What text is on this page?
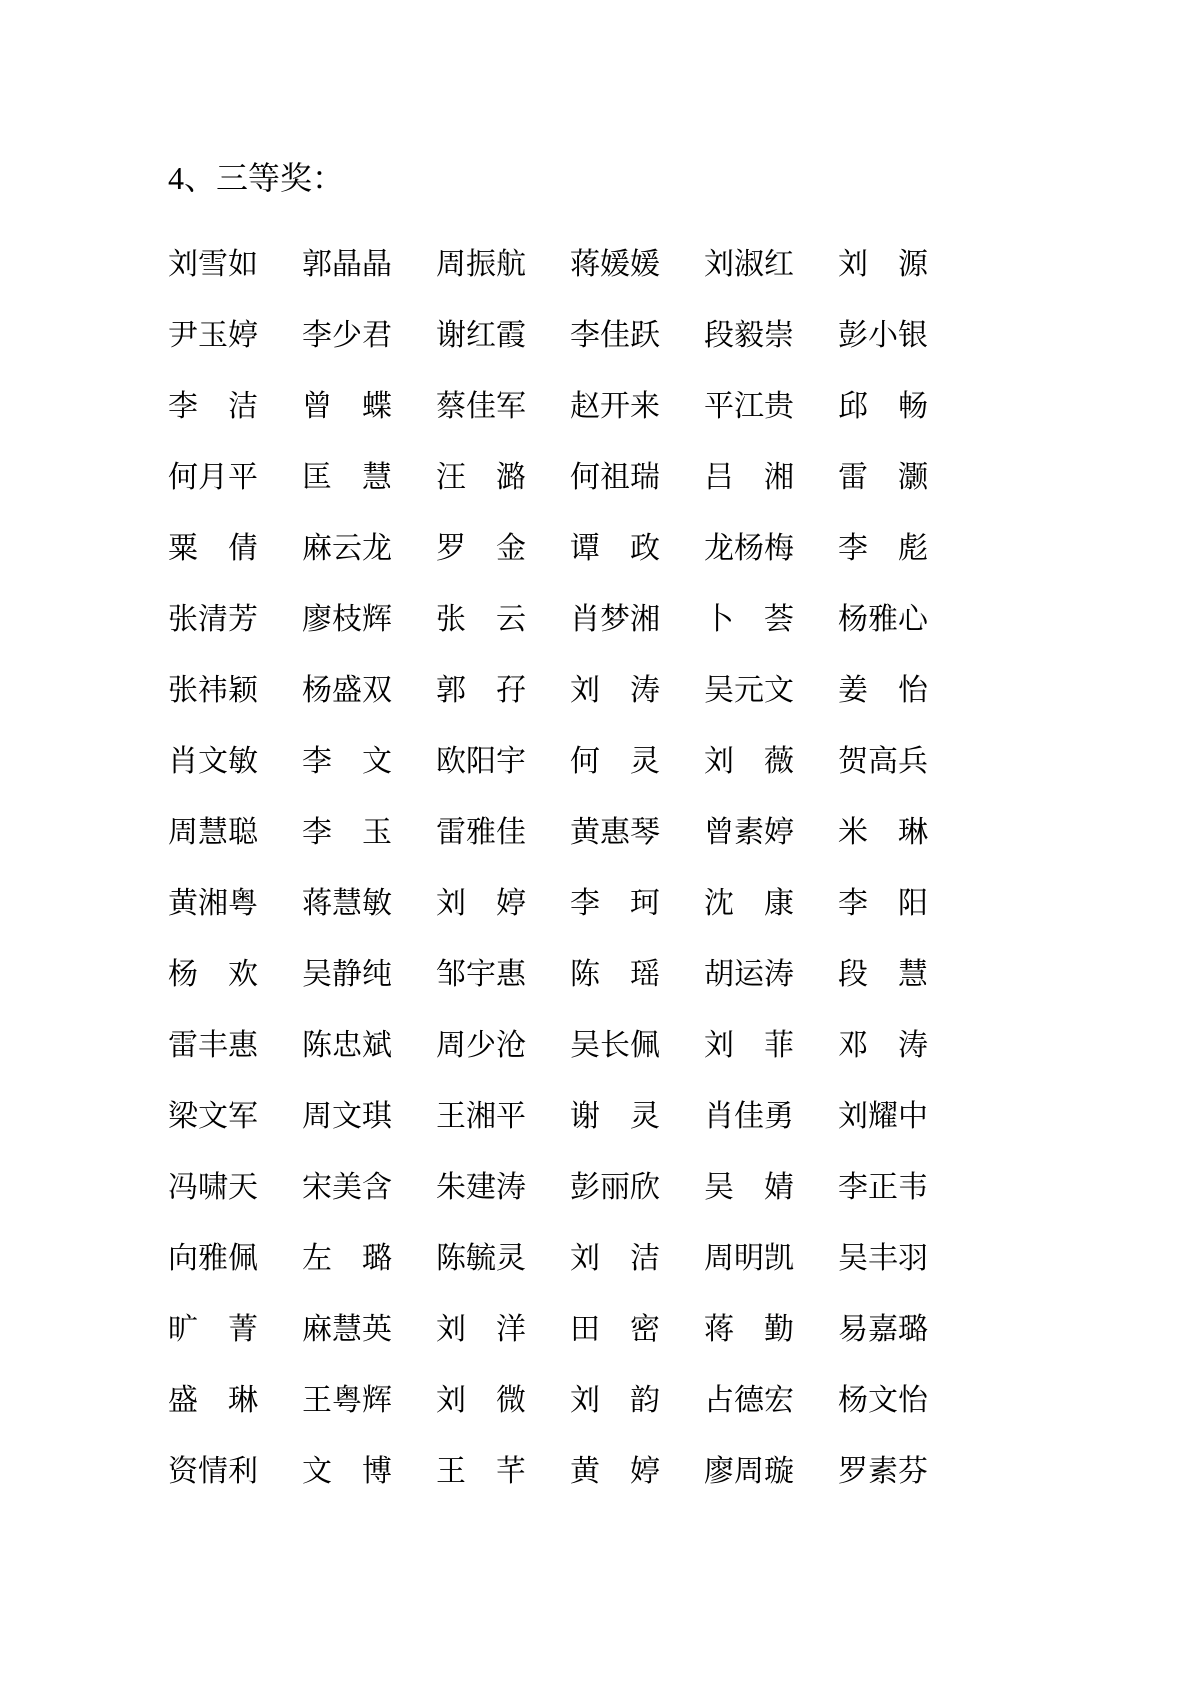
4、三等奖：
刘雪如 郭晶晶 周振航 蒋媛媛 刘淑红 刘　源
尹玉婷 李少君 谢红霞 李佳跃 段毅崇 彭小银
李　洁 曾　蝶 蔡佳军 赵开来 平江贵 邱　畅
何月平 匡　慧 汪　潞 何祖瑞 吕　湘 雷　灏
粟　倩 麻云龙 罗　金 谭　政 龙杨梅 李　彪
张清芳 廖枝辉 张　云 肖梦湘 卜　荟 杨雅心
张祎颖 杨盛双 郭　孖 刘　涛 吴元文 姜　怡
肖文敏 李　文 欧阳宇 何　灵 刘　薇 贺高兵
周慧聪 李　玉 雷雅佳 黄惠琴 曾素婷 米　琳
黄湘粤 蒋慧敏 刘　婷 李　珂 沈　康 李　阳
杨　欢 吴静纯 邹宇惠 陈　瑶 胡运涛 段　慧
雷丰惠 陈忠斌 周少沧 吴长佩 刘　菲 邓　涛
梁文军 周文琪 王湘平 谢　灵 肖佳勇 刘耀中
冯啸天 宋美含 朱建涛 彭丽欣 吴　婧 李正韦
向雅佩 左　璐 陈毓灵 刘　洁 周明凯 吴丰羽
旷　菁 麻慧英 刘　洋 田　密 蒋　勤 易嘉璐
盛　琳 王粤辉 刘　微 刘　韵 占德宏 杨文怡
资情利 文　博 王　芊 黄　婷 廖周璇 罗素芬
